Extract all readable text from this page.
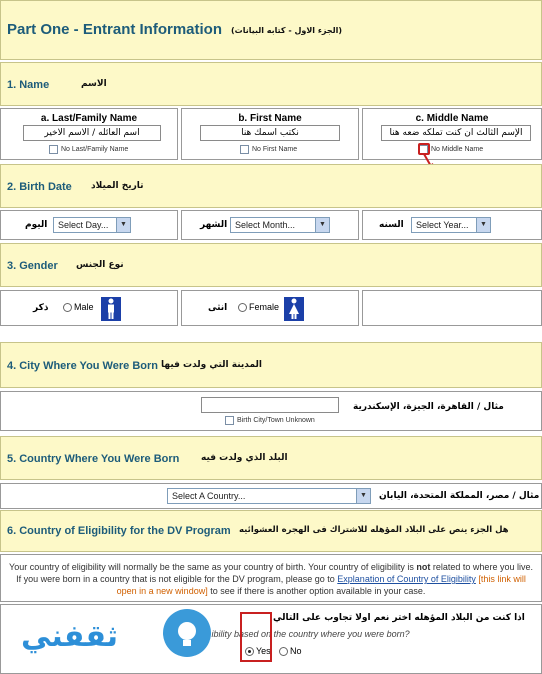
Part One - Entrant Information (الجزء الاول - كتابه البيانات)
1. Name	الاسم
a. Last/Family Name
اسم العائله / الاسم الاخير
No Last/Family Name
b. First Name
نكتب اسمك هنا
No First Name
c. Middle Name
الإسم الثالث ان كنت تملكه ضعه هنا
No Middle Name
2. Birth Date تاريخ الميلاد
اليوم	Select Day...	▼	الشهر Select Month...	▼	السنه	Select Year...	▼
3. Gender نوع الجنس
ذكر	Male	انثى	Female
4. City Where You Were Born المدينة التي ولدت فيها
Birth City/Town Unknown
مثال / القاهرة، الجيزة، الإسكندرية
5. Country Where You Were Born البلد الذي ولدت فيه
Select A Country...	▼	مثال / مصر، المملكة المتحدة، اليابان
6. Country of Eligibility for the DV Program هل الجزء ينص على البلاد المؤهله للاشتراك فى الهجره العشوائيه
Your country of eligibility will normally be the same as your country of birth. Your country of eligibility is not related to where you live. If you were born in a country that is not eligible for the DV program, please go to Explanation of Country of Eligibility [this link will open in a new window] to see if there is another option available in your case.
اذا كنت من البلاد المؤهله اختر نعم اولا تجاوب على التالي
ibility based on the country where you were born?
Yes	No
ثقفني
